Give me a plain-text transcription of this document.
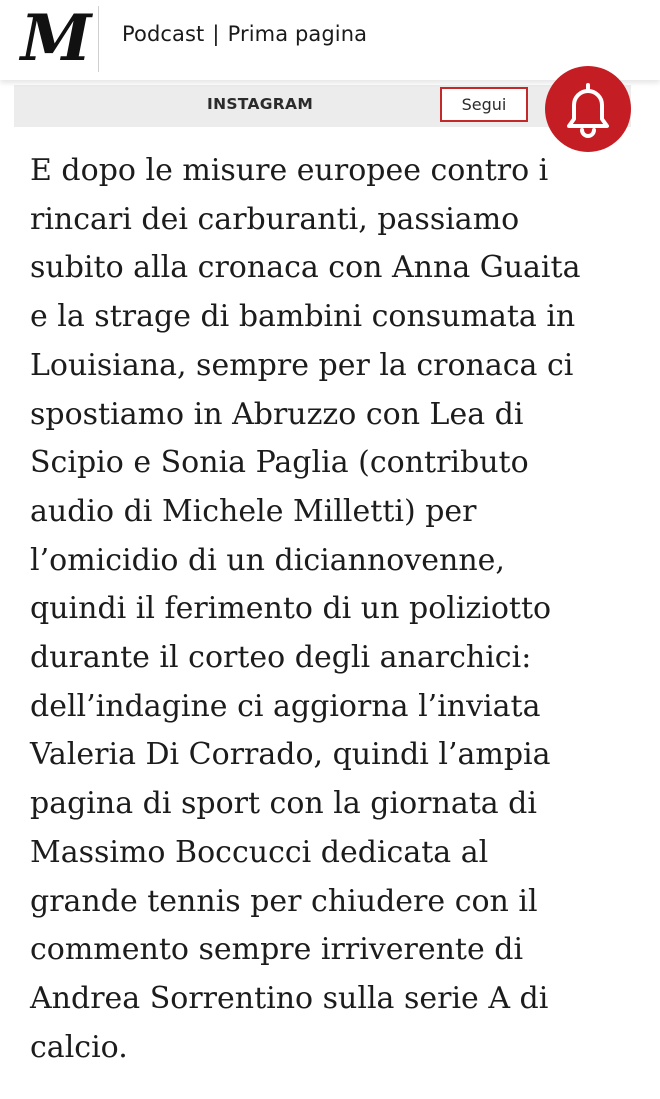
M Podcast | Prima pagina
INSTAGRAM	Segui
E dopo le misure europee contro i
rincari dei carburanti, passiamo
subito alla cronaca con Anna Guaita
e la strage di bambini consumata in
Louisiana, sempre per la cronaca ci
spostiamo in Abruzzo con Lea di
Scipio e Sonia Paglia (contributo
audio di Michele Milletti) per
l’omicidio di un diciannovenne,
quindi il ferimento di un poliziotto
durante il corteo degli anarchici:
dell’indagine ci aggiorna l’inviata
Valeria Di Corrado, quindi l’ampia
pagina di sport con la giornata di
Massimo Boccucci dedicata al
grande tennis per chiudere con il
commento sempre irriverente di
Andrea Sorrentino sulla serie A di
calcio.
